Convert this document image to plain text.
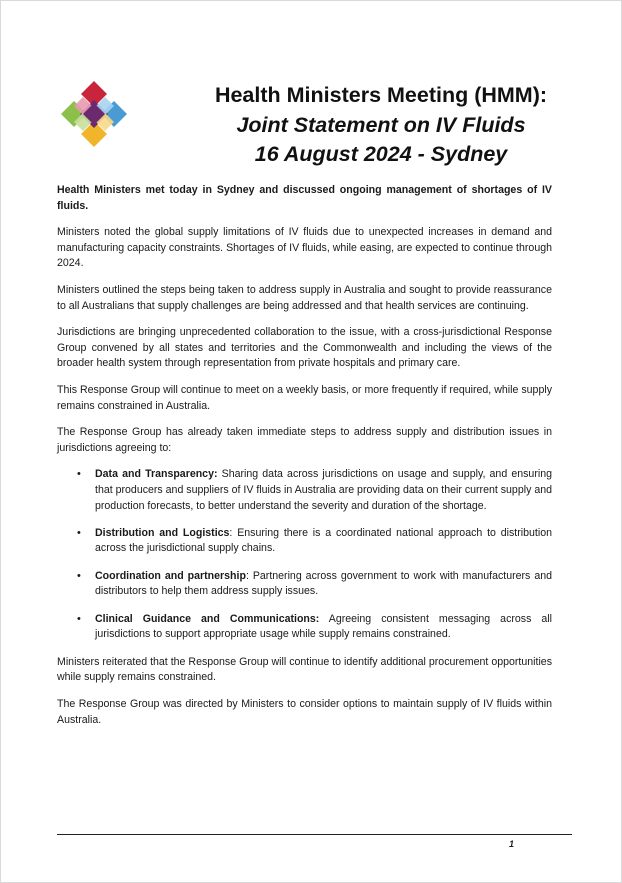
Health Ministers Meeting (HMM):
Joint Statement on IV Fluids
16 August 2024 - Sydney

Health Ministers met today in Sydney and discussed ongoing management of shortages of IV fluids.

Ministers noted the global supply limitations of IV fluids due to unexpected increases in demand and manufacturing capacity constraints. Shortages of IV fluids, while easing, are expected to continue through 2024.

Ministers outlined the steps being taken to address supply in Australia and sought to provide reassurance to all Australians that supply challenges are being addressed and that health services are continuing.

Jurisdictions are bringing unprecedented collaboration to the issue, with a cross-jurisdictional Response Group convened by all states and territories and the Commonwealth and including the views of the broader health system through representation from private hospitals and primary care.

This Response Group will continue to meet on a weekly basis, or more frequently if required, while supply remains constrained in Australia.

The Response Group has already taken immediate steps to address supply and distribution issues in jurisdictions agreeing to:

• Data and Transparency: Sharing data across jurisdictions on usage and supply, and ensuring that producers and suppliers of IV fluids in Australia are providing data on their current supply and production forecasts, to better understand the severity and duration of the shortage.
• Distribution and Logistics: Ensuring there is a coordinated national approach to distribution across the jurisdictional supply chains.
• Coordination and partnership: Partnering across government to work with manufacturers and distributors to help them address supply issues.
• Clinical Guidance and Communications: Agreeing consistent messaging across all jurisdictions to support appropriate usage while supply remains constrained.

Ministers reiterated that the Response Group will continue to identify additional procurement opportunities while supply remains constrained.

The Response Group was directed by Ministers to consider options to maintain supply of IV fluids within Australia.

1
